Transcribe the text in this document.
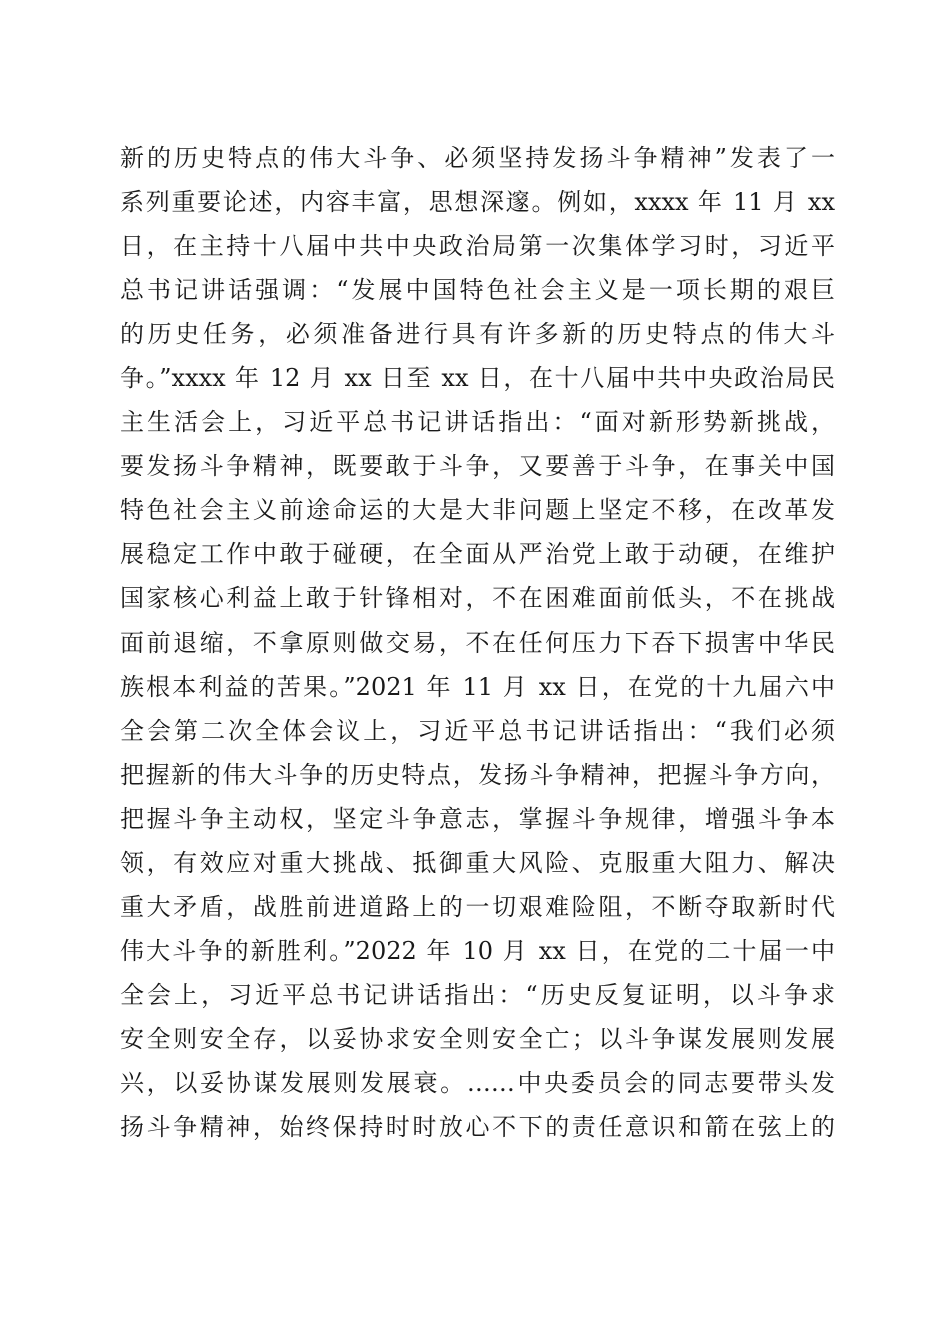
新的历史特点的伟大斗争、必须坚持发扬斗争精神”发表了一
系列重要论述，内容丰富，思想深邃。例如，xxxx 年 11 月 xx
日，在主持十八届中共中央政治局第一次集体学习时，习近平
总书记讲话强调：“发展中国特色社会主义是一项长期的艰巨
的历史任务，必须准备进行具有许多新的历史特点的伟大斗
争。”xxxx 年 12 月 xx 日至 xx 日，在十八届中共中央政治局民
主生活会上，习近平总书记讲话指出：“面对新形势新挑战，
要发扬斗争精神，既要敢于斗争，又要善于斗争，在事关中国
特色社会主义前途命运的大是大非问题上坚定不移，在改革发
展稳定工作中敢于碰硬，在全面从严治党上敢于动硬，在维护
国家核心利益上敢于针锋相对，不在困难面前低头，不在挑战
面前退缩，不拿原则做交易，不在任何压力下吞下损害中华民
族根本利益的苦果。”2021 年 11 月 xx 日，在党的十九届六中
全会第二次全体会议上，习近平总书记讲话指出：“我们必须
把握新的伟大斗争的历史特点，发扬斗争精神，把握斗争方向，
把握斗争主动权，坚定斗争意志，掌握斗争规律，增强斗争本
领，有效应对重大挑战、抵御重大风险、克服重大阻力、解决
重大矛盾，战胜前进道路上的一切艰难险阻，不断夺取新时代
伟大斗争的新胜利。”2022 年 10 月 xx 日，在党的二十届一中
全会上，习近平总书记讲话指出：“历史反复证明，以斗争求
安全则安全存，以妥协求安全则安全亡；以斗争谋发展则发展
兴，以妥协谋发展则发展衰。……中央委员会的同志要带头发
扬斗争精神，始终保持时时放心不下的责任意识和箭在弦上的
